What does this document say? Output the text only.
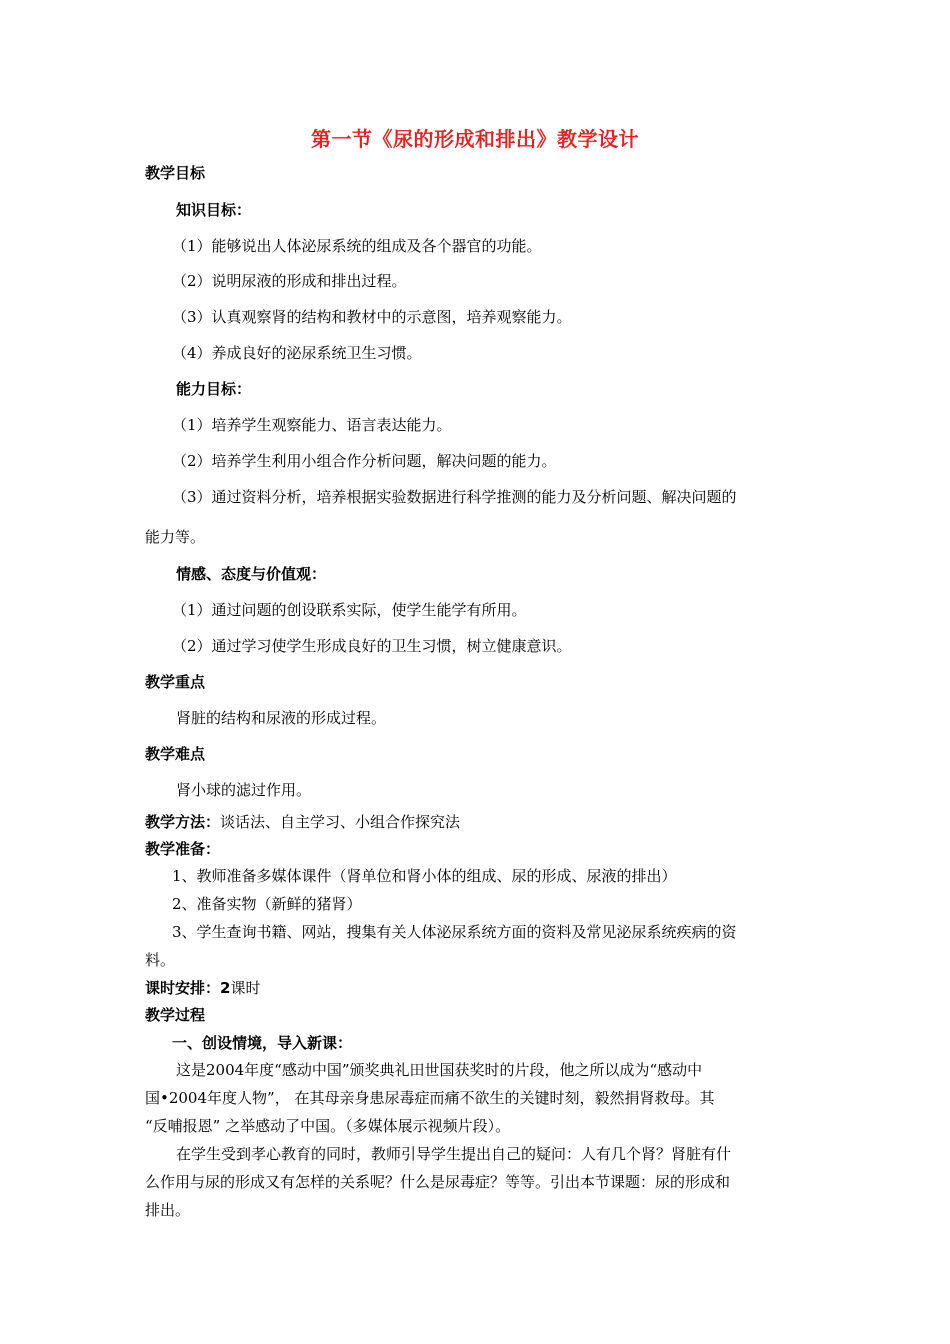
第一节《尿的形成和排出》教学设计
教学目标
知识目标：
（1）能够说出人体泌尿系统的组成及各个器官的功能。
（2）说明尿液的形成和排出过程。
（3）认真观察肾的结构和教材中的示意图，培养观察能力。
（4）养成良好的泌尿系统卫生习惯。
能力目标：
（1）培养学生观察能力、语言表达能力。
（2）培养学生利用小组合作分析问题，解决问题的能力。
（3）通过资料分析，培养根据实验数据进行科学推测的能力及分析问题、解决问题的
能力等。
情感、态度与价值观：
（1）通过问题的创设联系实际，使学生能学有所用。
（2）通过学习使学生形成良好的卫生习惯，树立健康意识。
教学重点
肾脏的结构和尿液的形成过程。
教学难点
肾小球的滤过作用。
教学方法：谈话法、自主学习、小组合作探究法
教学准备：
1、教师准备多媒体课件（肾单位和肾小体的组成、尿的形成、尿液的排出）
2、准备实物（新鲜的猪肾）
3、学生查询书籍、网站，搜集有关人体泌尿系统方面的资料及常见泌尿系统疾病的资
料。
课时安排：2课时
教学过程
一、创设情境，导入新课：
这是2004年度“感动中国”颁奖典礼田世国获奖时的片段，他之所以成为“感动中
国•2004年度人物”， 在其母亲身患尿毒症而痛不欲生的关键时刻，毅然捐肾救母。其
“反哺报恩” 之举感动了中国。（多媒体展示视频片段）。
在学生受到孝心教育的同时，教师引导学生提出自己的疑问：人有几个肾？肾脏有什
么作用与尿的形成又有怎样的关系呢？什么是尿毒症？等等。引出本节课题：尿的形成和
排出。
